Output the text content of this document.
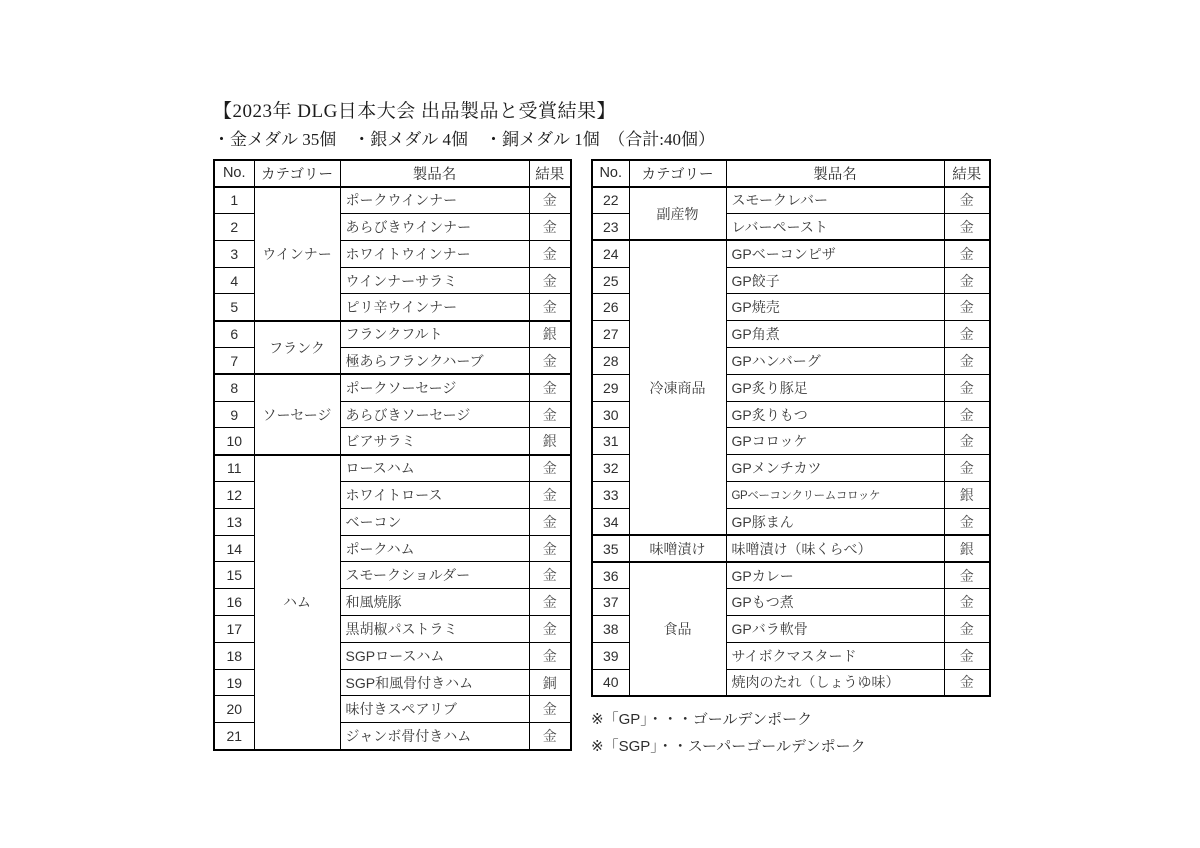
【2023年 DLG日本大会 出品製品と受賞結果】
・金メダル 35個　・銀メダル 4個　・銅メダル 1個　（合計:40個）
No.	カテゴリー	製品名	結果
1	ウインナー	ポークウインナー	金
2		あらびきウインナー	金
3		ホワイトウインナー	金
4		ウインナーサラミ	金
5		ピリ辛ウインナー	金
6	フランク	フランクフルト	銀
7		極あらフランクハーブ	金
8	ソーセージ	ポークソーセージ	金
9		あらびきソーセージ	金
10		ビアサラミ	銀
11	ハム	ロースハム	金
12		ホワイトロース	金
13		ベーコン	金
14		ポークハム	金
15		スモークショルダー	金
16		和風焼豚	金
17		黒胡椒パストラミ	金
18		SGPロースハム	金
19		SGP和風骨付きハム	銅
20		味付きスペアリブ	金
21		ジャンボ骨付きハム	金
No.	カテゴリー	製品名	結果
22	副産物	スモークレバー	金
23		レバーペースト	金
24	冷凍商品	GPベーコンピザ	金
25		GP餃子	金
26		GP焼売	金
27		GP角煮	金
28		GPハンバーグ	金
29		GP炙り豚足	金
30		GP炙りもつ	金
31		GPコロッケ	金
32		GPメンチカツ	金
33		GPベーコンクリームコロッケ	銀
34		GP豚まん	金
35	味噌漬け	味噌漬け（味くらべ）	銀
36	食品	GPカレー	金
37		GPもつ煮	金
38		GPバラ軟骨	金
39		サイボクマスタード	金
40		焼肉のたれ（しょうゆ味）	金
※「GP」・・・ゴールデンポーク
※「SGP」・・スーパーゴールデンポーク
